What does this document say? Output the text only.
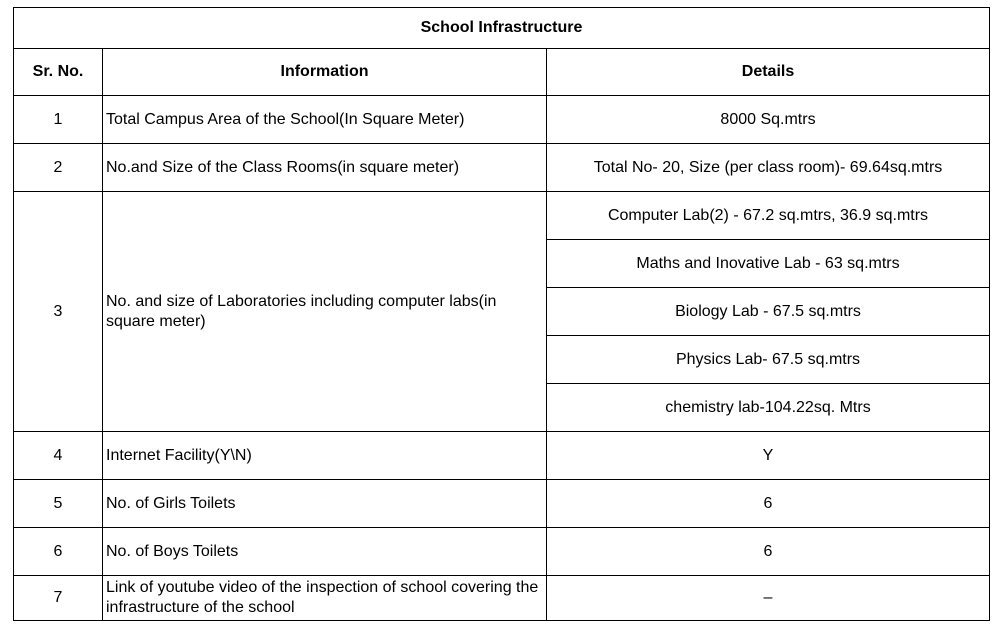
School Infrastructure		
Sr. No.	Information	Details
1	Total Campus Area of the School(In Square Meter)	8000 Sq.mtrs
2	No.and Size of the Class Rooms(in square meter)	Total No- 20, Size (per class room)- 69.64sq.mtrs
3	No. and size of Laboratories including computer labs(in square meter)	Computer Lab(2) - 67.2 sq.mtrs, 36.9 sq.mtrs
		Maths and Inovative Lab - 63 sq.mtrs
		Biology Lab - 67.5 sq.mtrs
		Physics Lab- 67.5 sq.mtrs
		chemistry lab-104.22sq. Mtrs
4	Internet Facility(Y\N)	Y
5	No. of Girls Toilets	6
6	No. of Boys Toilets	6
7	Link of youtube video of the inspection of school covering the infrastructure of the school	–
